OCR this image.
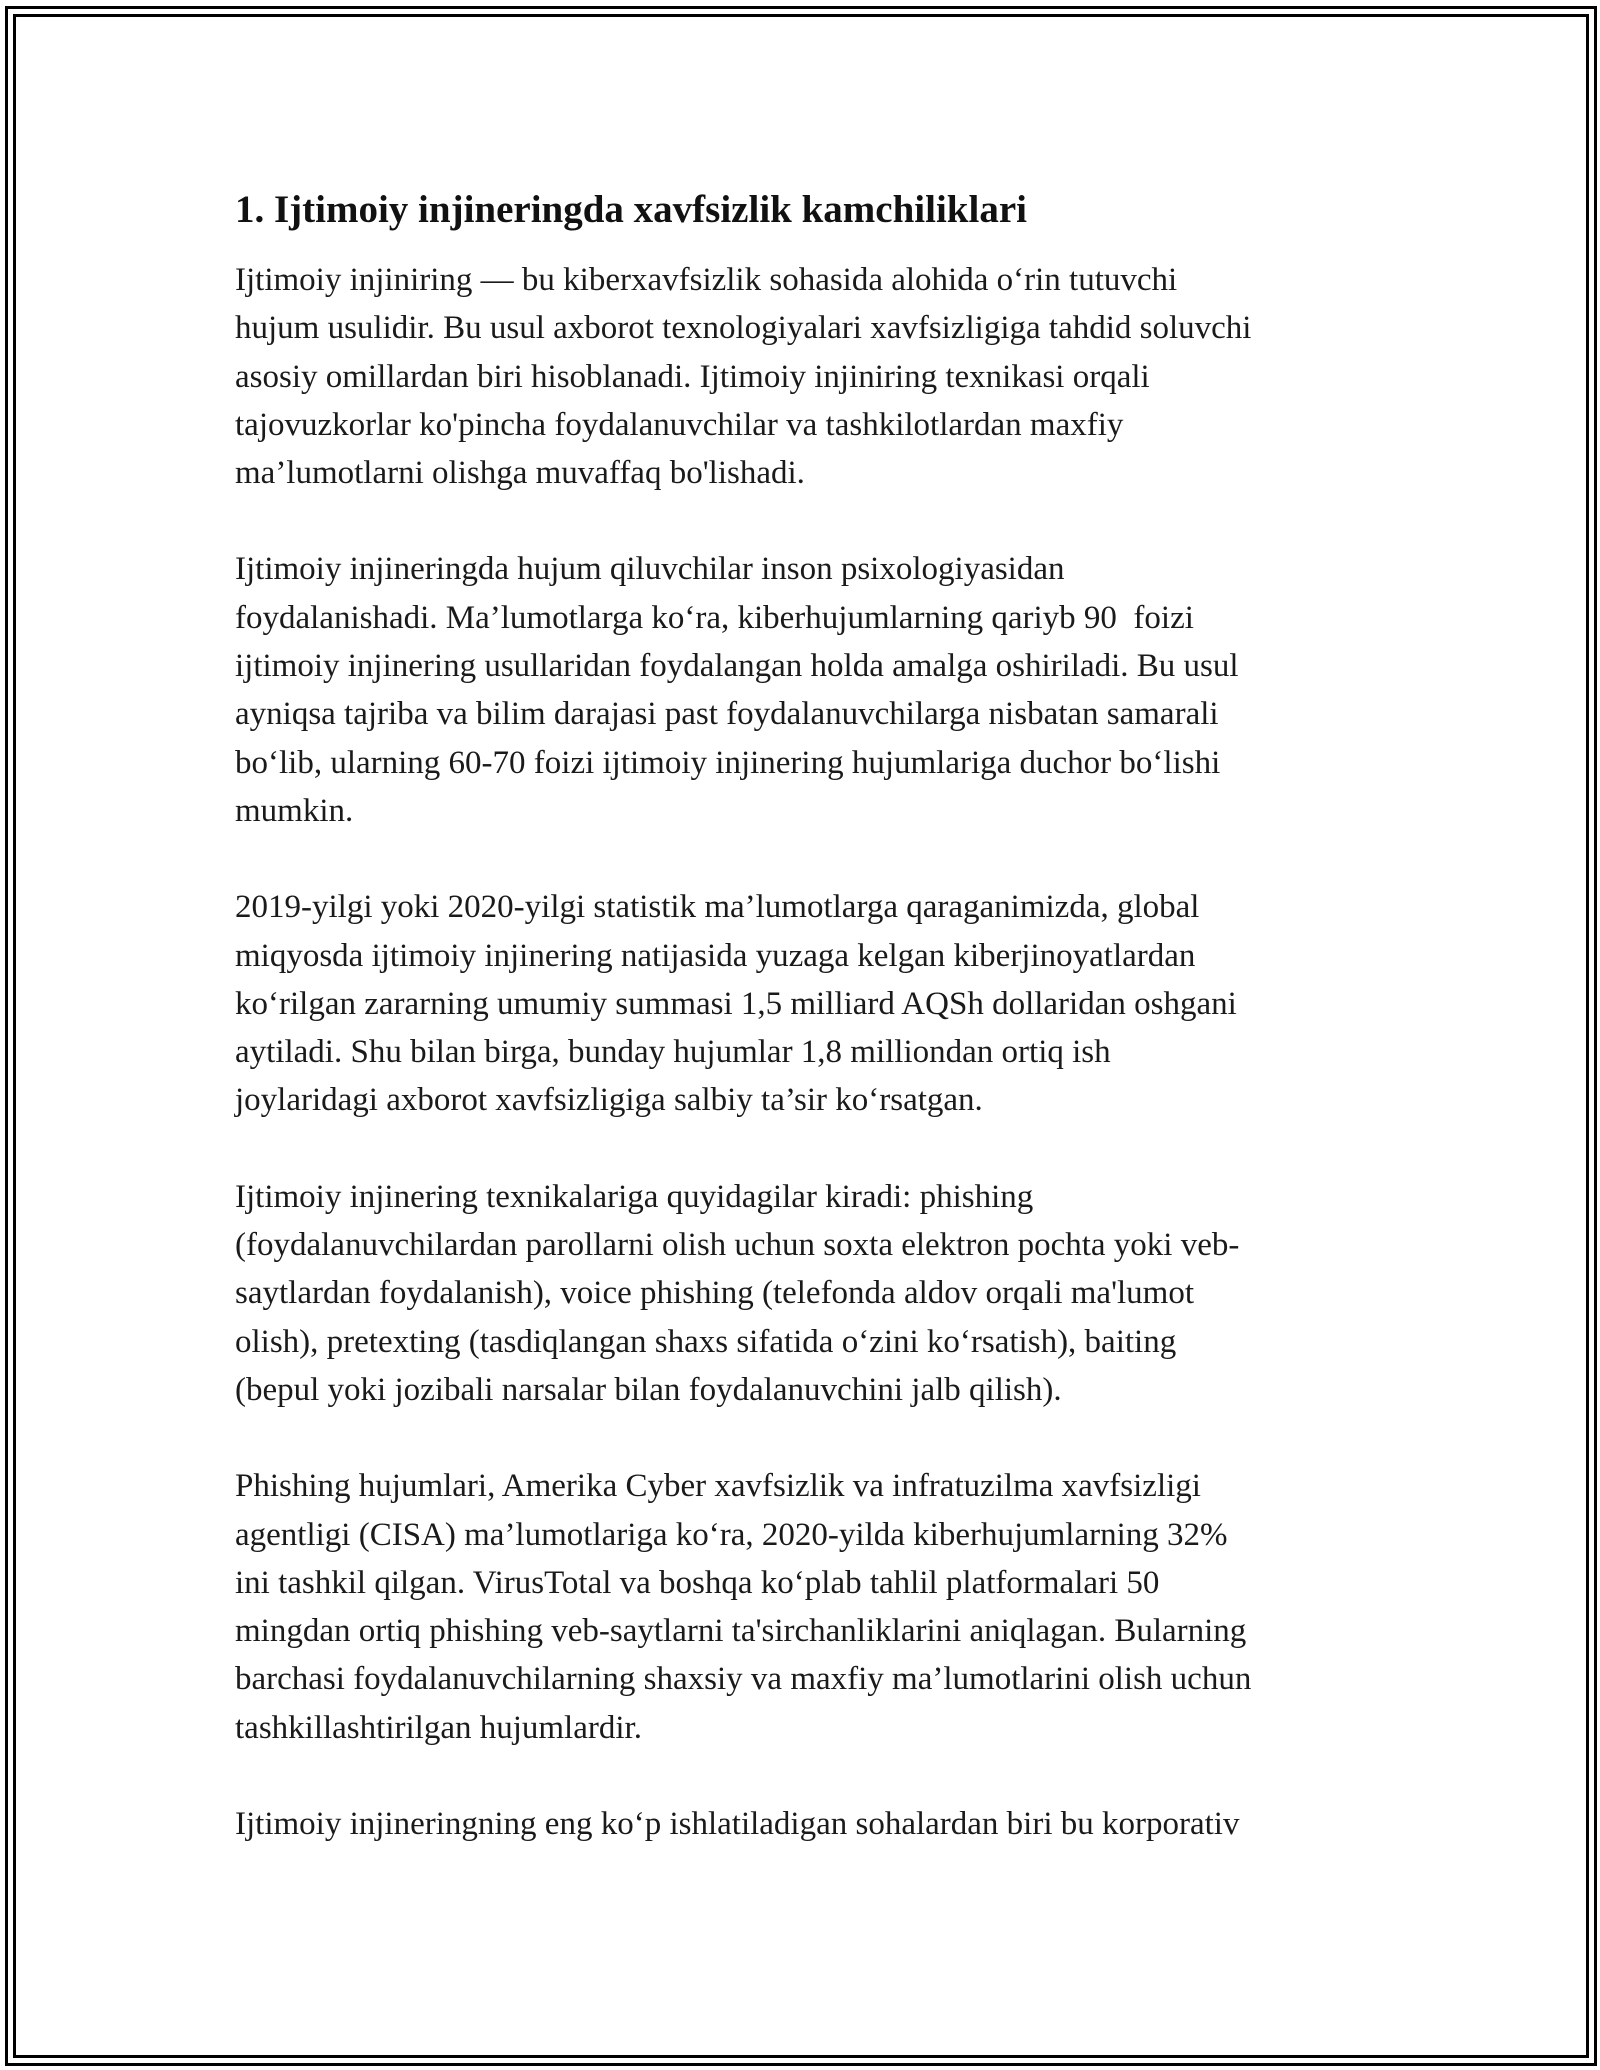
1. Ijtimoiy injineringda xavfsizlik kamchiliklari

Ijtimoiy injiniring — bu kiberxavfsizlik sohasida alohida o‘rin tutuvchi
hujum usulidir. Bu usul axborot texnologiyalari xavfsizligiga tahdid soluvchi
asosiy omillardan biri hisoblanadi. Ijtimoiy injiniring texnikasi orqali
tajovuzkorlar ko'pincha foydalanuvchilar va tashkilotlardan maxfiy
ma’lumotlarni olishga muvaffaq bo'lishadi.

Ijtimoiy injineringda hujum qiluvchilar inson psixologiyasidan
foydalanishadi. Ma’lumotlarga ko‘ra, kiberhujumlarning qariyb 90  foizi
ijtimoiy injinering usullaridan foydalangan holda amalga oshiriladi. Bu usul
ayniqsa tajriba va bilim darajasi past foydalanuvchilarga nisbatan samarali
bo‘lib, ularning 60-70 foizi ijtimoiy injinering hujumlariga duchor bo‘lishi
mumkin.

2019-yilgi yoki 2020-yilgi statistik ma’lumotlarga qaraganimizda, global
miqyosda ijtimoiy injinering natijasida yuzaga kelgan kiberjinoyatlardan
ko‘rilgan zararning umumiy summasi 1,5 milliard AQSh dollaridan oshgani
aytiladi. Shu bilan birga, bunday hujumlar 1,8 milliondan ortiq ish
joylaridagi axborot xavfsizligiga salbiy ta’sir ko‘rsatgan.

Ijtimoiy injinering texnikalariga quyidagilar kiradi: phishing
(foydalanuvchilardan parollarni olish uchun soxta elektron pochta yoki veb-
saytlardan foydalanish), voice phishing (telefonda aldov orqali ma'lumot
olish), pretexting (tasdiqlangan shaxs sifatida o‘zini ko‘rsatish), baiting
(bepul yoki jozibali narsalar bilan foydalanuvchini jalb qilish).

Phishing hujumlari, Amerika Cyber xavfsizlik va infratuzilma xavfsizligi
agentligi (CISA) ma’lumotlariga ko‘ra, 2020-yilda kiberhujumlarning 32%
ini tashkil qilgan. VirusTotal va boshqa ko‘plab tahlil platformalari 50
mingdan ortiq phishing veb-saytlarni ta'sirchanliklarini aniqlagan. Bularning
barchasi foydalanuvchilarning shaxsiy va maxfiy ma’lumotlarini olish uchun
tashkillashtirilgan hujumlardir.

Ijtimoiy injineringning eng ko‘p ishlatiladigan sohalardan biri bu korporativ
